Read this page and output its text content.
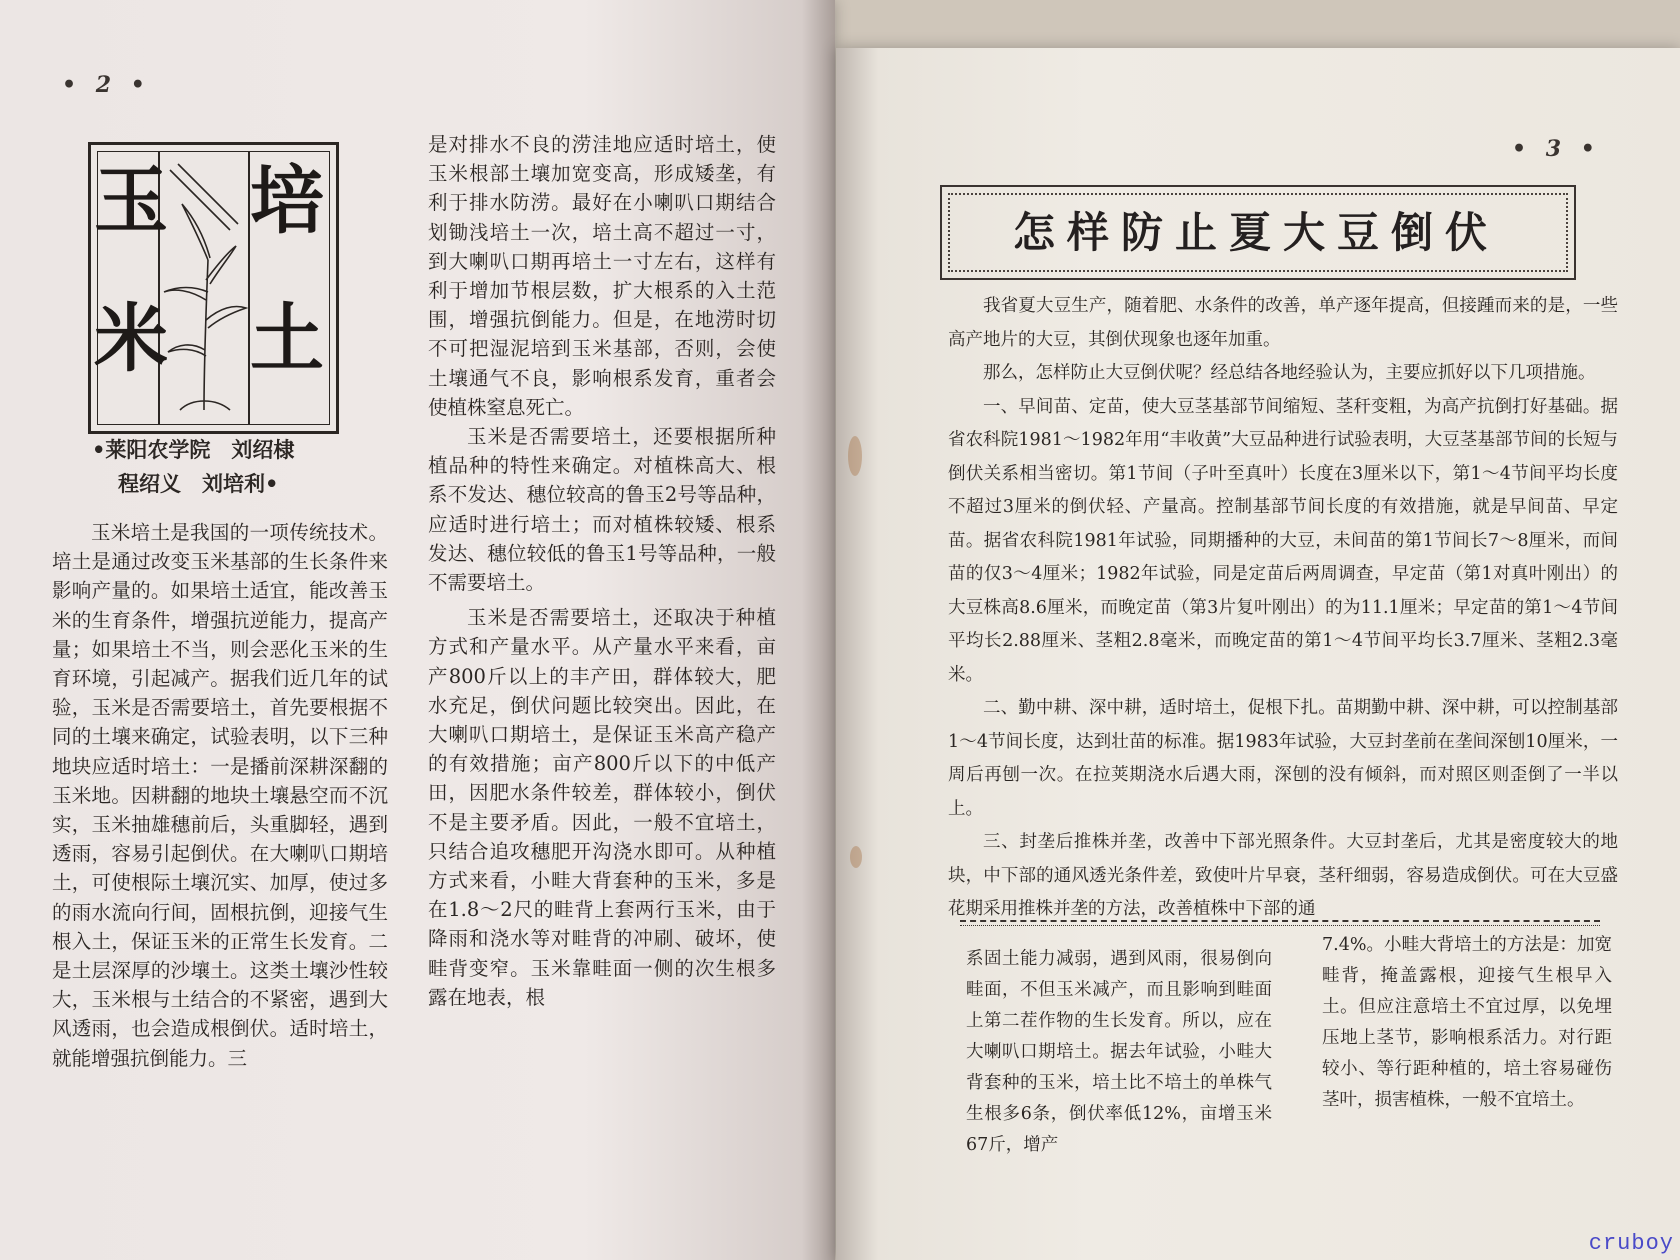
• 2 •
玉
米
培
土
•莱阳农学院　刘绍棣
程绍义　刘培利•

玉米培土是我国的一项传统技术。培土是通过改变玉米基部的生长条件来影响产量的。如果培土适宜，能改善玉米的生育条件，增强抗逆能力，提高产量；如果培土不当，则会恶化玉米的生育环境，引起减产。据我们近几年的试验，玉米是否需要培土，首先要根据不同的土壤来确定，试验表明，以下三种地块应适时培土：一是播前深耕深翻的玉米地。因耕翻的地块土壤悬空而不沉实，玉米抽雄穗前后，头重脚轻，遇到透雨，容易引起倒伏。在大喇叭口期培土，可使根际土壤沉实、加厚，使过多的雨水流向行间，固根抗倒，迎接气生根入土，保证玉米的正常生长发育。二是土层深厚的沙壤土。这类土壤沙性较大，玉米根与土结合的不紧密，遇到大风透雨，也会造成根倒伏。适时培土，就能增强抗倒能力。三

是对排水不良的涝洼地应适时培土，使玉米根部土壤加宽变高，形成矮垄，有利于排水防涝。最好在小喇叭口期结合划锄浅培土一次，培土高不超过一寸，到大喇叭口期再培土一寸左右，这样有利于增加节根层数，扩大根系的入土范围，增强抗倒能力。但是，在地涝时切不可把湿泥培到玉米基部，否则，会使土壤通气不良，影响根系发育，重者会使植株窒息死亡。

玉米是否需要培土，还要根据所种植品种的特性来确定。对植株高大、根系不发达、穗位较高的鲁玉2号等品种，应适时进行培土；而对植株较矮、根系发达、穗位较低的鲁玉1号等品种，一般不需要培土。

玉米是否需要培土，还取决于种植方式和产量水平。从产量水平来看，亩产800斤以上的丰产田，群体较大，肥水充足，倒伏问题比较突出。因此，在大喇叭口期培土，是保证玉米高产稳产的有效措施；亩产800斤以下的中低产田，因肥水条件较差，群体较小，倒伏不是主要矛盾。因此，一般不宜培土，只结合追攻穗肥开沟浇水即可。从种植方式来看，小畦大背套种的玉米，多是在1.8～2尺的畦背上套两行玉米，由于降雨和浇水等对畦背的冲刷、破坏，使畦背变窄。玉米靠畦面一侧的次生根多露在地表，根

• 3 •
怎样防止夏大豆倒伏

我省夏大豆生产，随着肥、水条件的改善，单产逐年提高，但接踵而来的是，一些高产地片的大豆，其倒伏现象也逐年加重。

那么，怎样防止大豆倒伏呢？经总结各地经验认为，主要应抓好以下几项措施。

一、早间苗、定苗，使大豆茎基部节间缩短、茎秆变粗，为高产抗倒打好基础。据省农科院1981～1982年用“丰收黄”大豆品种进行试验表明，大豆茎基部节间的长短与倒伏关系相当密切。第1节间（子叶至真叶）长度在3厘米以下，第1～4节间平均长度不超过3厘米的倒伏轻、产量高。控制基部节间长度的有效措施，就是早间苗、早定苗。据省农科院1981年试验，同期播种的大豆，未间苗的第1节间长7～8厘米，而间苗的仅3～4厘米；1982年试验，同是定苗后两周调查，早定苗（第1对真叶刚出）的大豆株高8.6厘米，而晚定苗（第3片复叶刚出）的为11.1厘米；早定苗的第1～4节间平均长2.88厘米、茎粗2.8毫米，而晚定苗的第1～4节间平均长3.7厘米、茎粗2.3毫米。

二、勤中耕、深中耕，适时培土，促根下扎。苗期勤中耕、深中耕，可以控制基部1～4节间长度，达到壮苗的标准。据1983年试验，大豆封垄前在垄间深刨10厘米，一周后再刨一次。在拉荚期浇水后遇大雨，深刨的没有倾斜，而对照区则歪倒了一半以上。

三、封垄后推株并垄，改善中下部光照条件。大豆封垄后，尤其是密度较大的地块，中下部的通风透光条件差，致使叶片早衰，茎秆细弱，容易造成倒伏。可在大豆盛花期采用推株并垄的方法，改善植株中下部的通

系固土能力减弱，遇到风雨，很易倒向畦面，不但玉米减产，而且影响到畦面上第二茬作物的生长发育。所以，应在大喇叭口期培土。据去年试验，小畦大背套种的玉米，培土比不培土的单株气生根多6条，倒伏率低12%，亩增玉米67斤，增产

7.4%。小畦大背培土的方法是：加宽畦背，掩盖露根，迎接气生根早入土。但应注意培土不宜过厚，以免埋压地上茎节，影响根系活力。对行距较小、等行距种植的，培土容易碰伤茎叶，损害植株，一般不宜培土。

cruboy
